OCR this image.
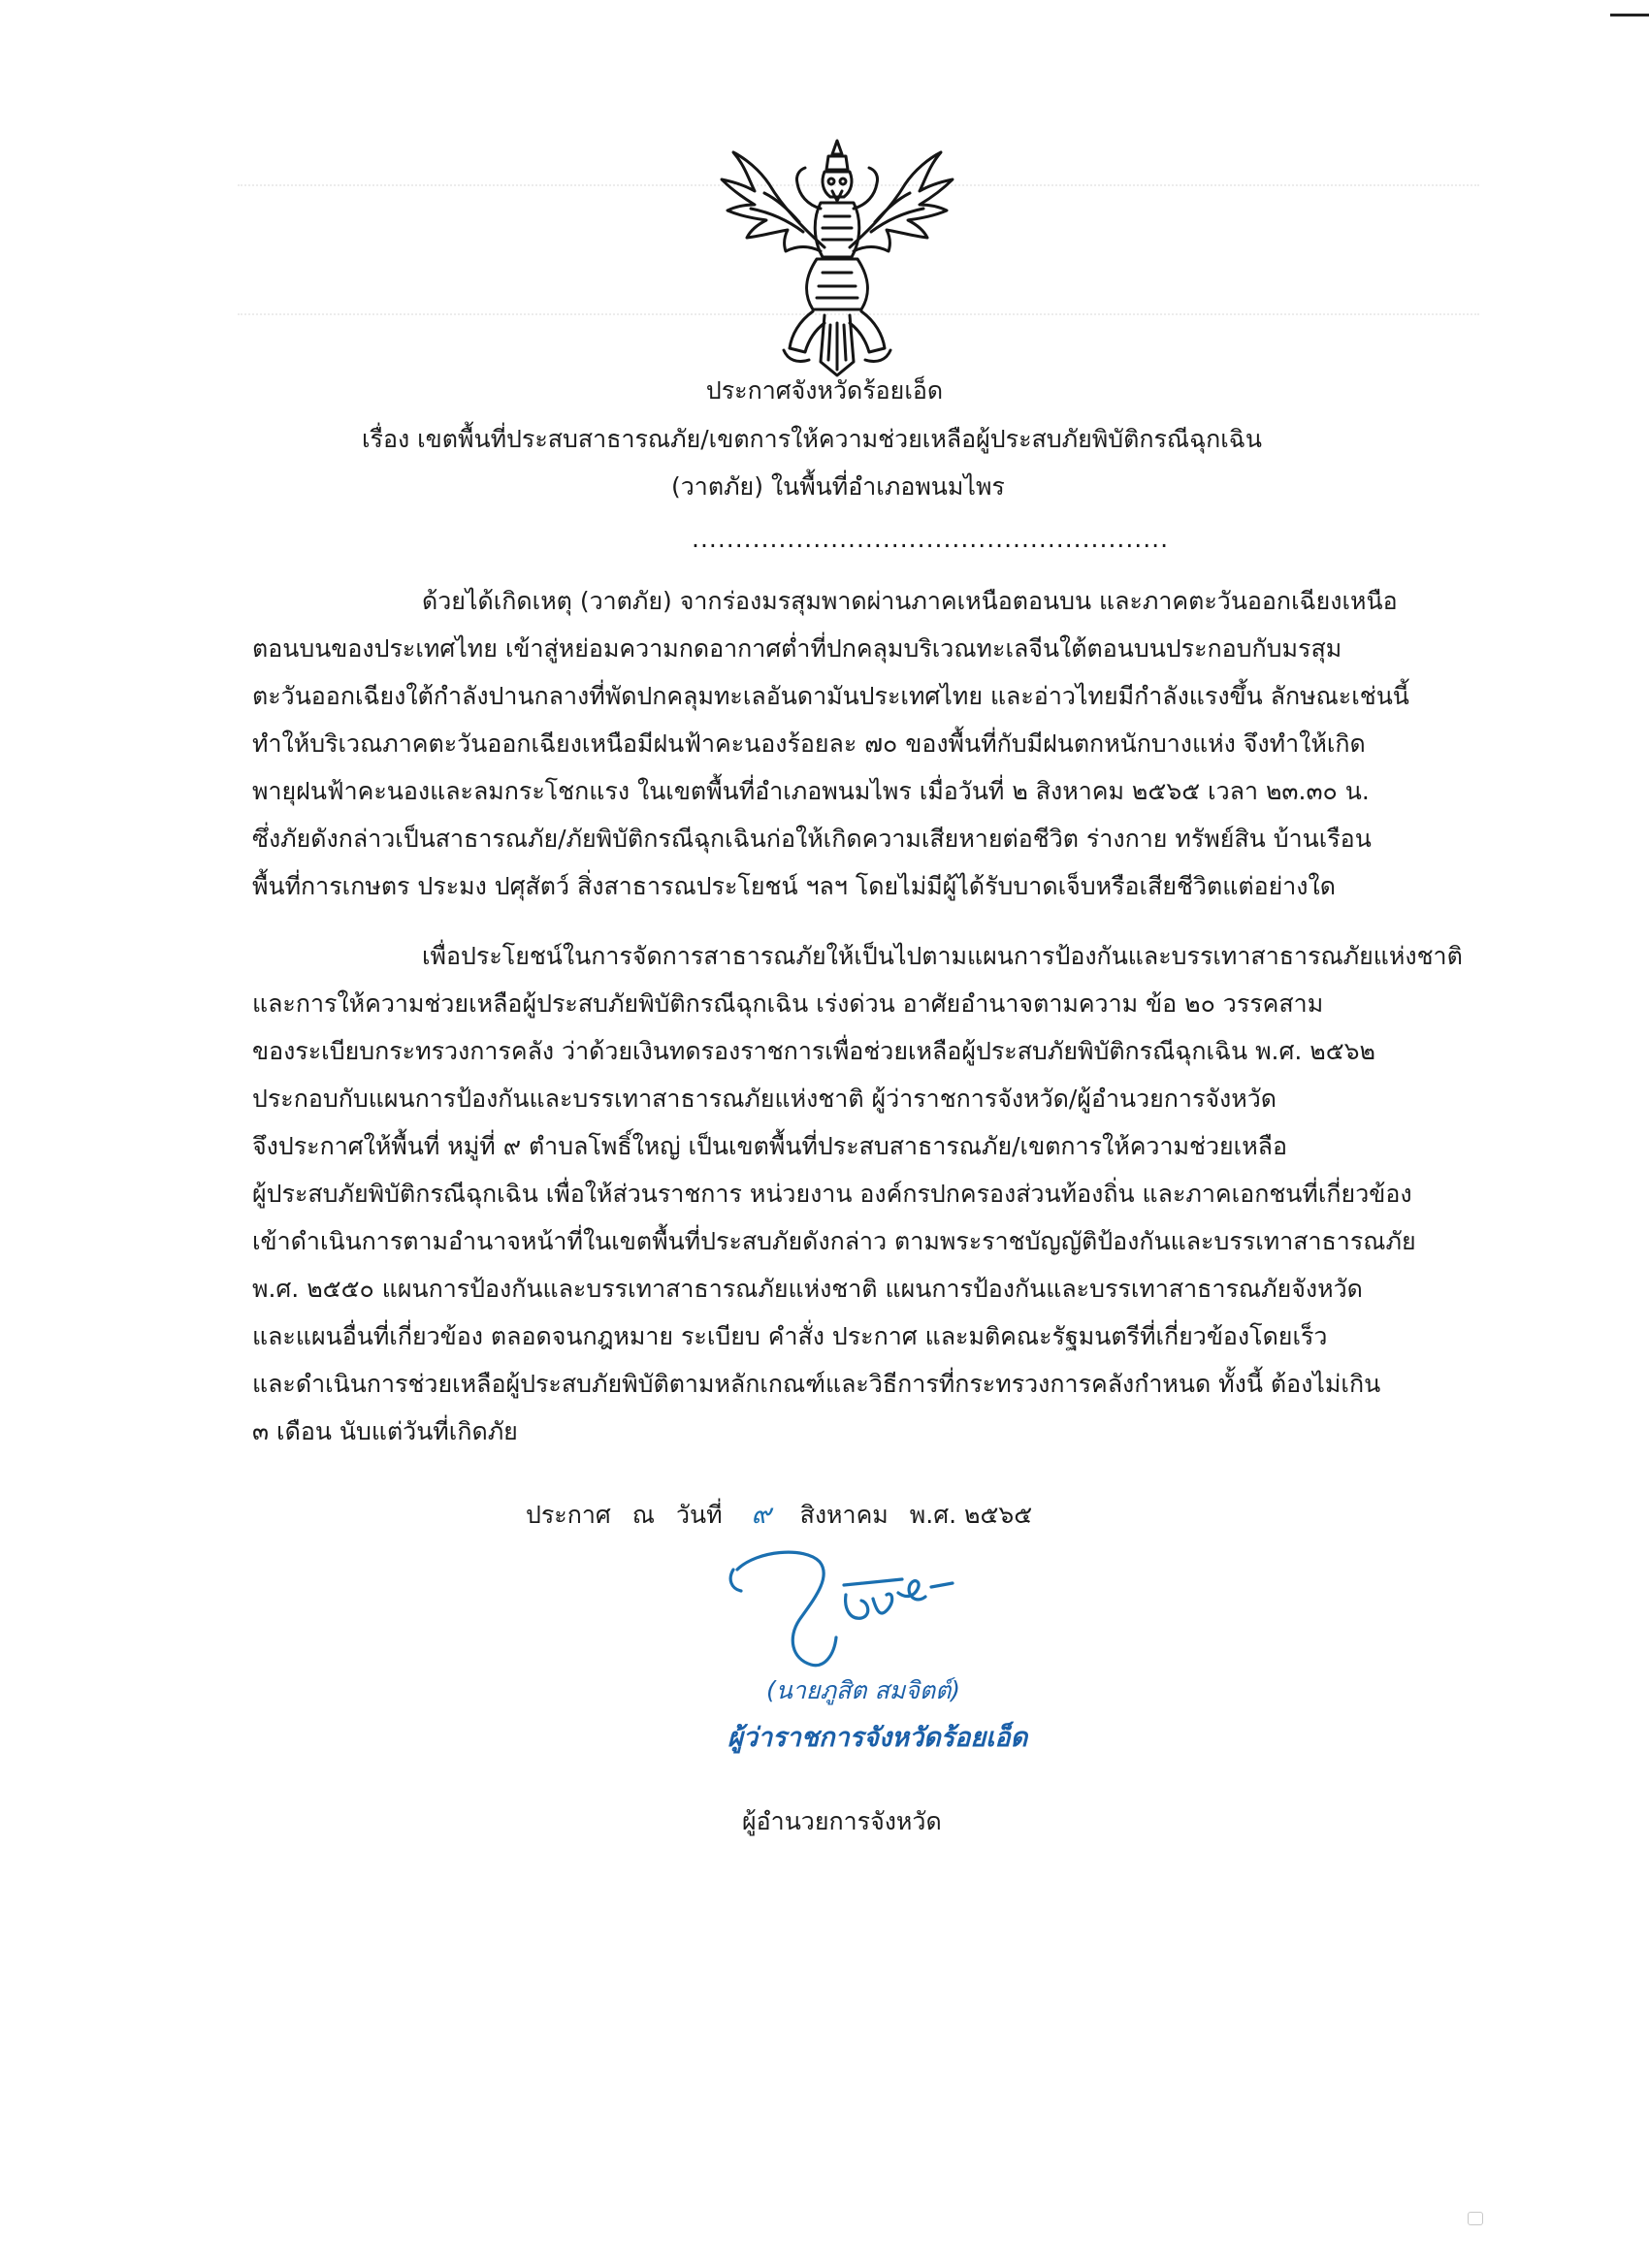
ประกาศจังหวัดร้อยเอ็ด

เรื่อง เขตพื้นที่ประสบสาธารณภัย/เขตการให้ความช่วยเหลือผู้ประสบภัยพิบัติกรณีฉุกเฉิน

(วาตภัย) ในพื้นที่อำเภอพนมไพร

.......................................................

ด้วยได้เกิดเหตุ (วาตภัย) จากร่องมรสุมพาดผ่านภาคเหนือตอนบน และภาคตะวันออกเฉียงเหนือ

ตอนบนของประเทศไทย เข้าสู่หย่อมความกดอากาศต่ำที่ปกคลุมบริเวณทะเลจีนใต้ตอนบนประกอบกับมรสุม

ตะวันออกเฉียงใต้กำลังปานกลางที่พัดปกคลุมทะเลอันดามันประเทศไทย และอ่าวไทยมีกำลังแรงขึ้น ลักษณะเช่นนี้

ทำให้บริเวณภาคตะวันออกเฉียงเหนือมีฝนฟ้าคะนองร้อยละ ๗๐ ของพื้นที่กับมีฝนตกหนักบางแห่ง จึงทำให้เกิด

พายุฝนฟ้าคะนองและลมกระโชกแรง ในเขตพื้นที่อำเภอพนมไพร เมื่อวันที่ ๒ สิงหาคม ๒๕๖๕ เวลา ๒๓.๓๐ น.

ซึ่งภัยดังกล่าวเป็นสาธารณภัย/ภัยพิบัติกรณีฉุกเฉินก่อให้เกิดความเสียหายต่อชีวิต ร่างกาย ทรัพย์สิน บ้านเรือน

พื้นที่การเกษตร ประมง ปศุสัตว์ สิ่งสาธารณประโยชน์ ฯลฯ โดยไม่มีผู้ได้รับบาดเจ็บหรือเสียชีวิตแต่อย่างใด

เพื่อประโยชน์ในการจัดการสาธารณภัยให้เป็นไปตามแผนการป้องกันและบรรเทาสาธารณภัยแห่งชาติ

และการให้ความช่วยเหลือผู้ประสบภัยพิบัติกรณีฉุกเฉิน เร่งด่วน อาศัยอำนาจตามความ ข้อ ๒๐ วรรคสาม

ของระเบียบกระทรวงการคลัง ว่าด้วยเงินทดรองราชการเพื่อช่วยเหลือผู้ประสบภัยพิบัติกรณีฉุกเฉิน พ.ศ. ๒๕๖๒

ประกอบกับแผนการป้องกันและบรรเทาสาธารณภัยแห่งชาติ ผู้ว่าราชการจังหวัด/ผู้อำนวยการจังหวัด

จึงประกาศให้พื้นที่ หมู่ที่ ๙ ตำบลโพธิ์ใหญ่ เป็นเขตพื้นที่ประสบสาธารณภัย/เขตการให้ความช่วยเหลือ

ผู้ประสบภัยพิบัติกรณีฉุกเฉิน เพื่อให้ส่วนราชการ หน่วยงาน องค์กรปกครองส่วนท้องถิ่น และภาคเอกชนที่เกี่ยวข้อง

เข้าดำเนินการตามอำนาจหน้าที่ในเขตพื้นที่ประสบภัยดังกล่าว ตามพระราชบัญญัติป้องกันและบรรเทาสาธารณภัย

พ.ศ. ๒๕๕๐ แผนการป้องกันและบรรเทาสาธารณภัยแห่งชาติ แผนการป้องกันและบรรเทาสาธารณภัยจังหวัด

และแผนอื่นที่เกี่ยวข้อง ตลอดจนกฎหมาย ระเบียบ คำสั่ง ประกาศ และมติคณะรัฐมนตรีที่เกี่ยวข้องโดยเร็ว

และดำเนินการช่วยเหลือผู้ประสบภัยพิบัติตามหลักเกณฑ์และวิธีการที่กระทรวงการคลังกำหนด ทั้งนี้ ต้องไม่เกิน

๓ เดือน นับแต่วันที่เกิดภัย

ประกาศ ณ วันที่ ๙ สิงหาคม พ.ศ. ๒๕๖๕

(นายภูสิต สมจิตต์)

ผู้ว่าราชการจังหวัดร้อยเอ็ด

ผู้อำนวยการจังหวัด
